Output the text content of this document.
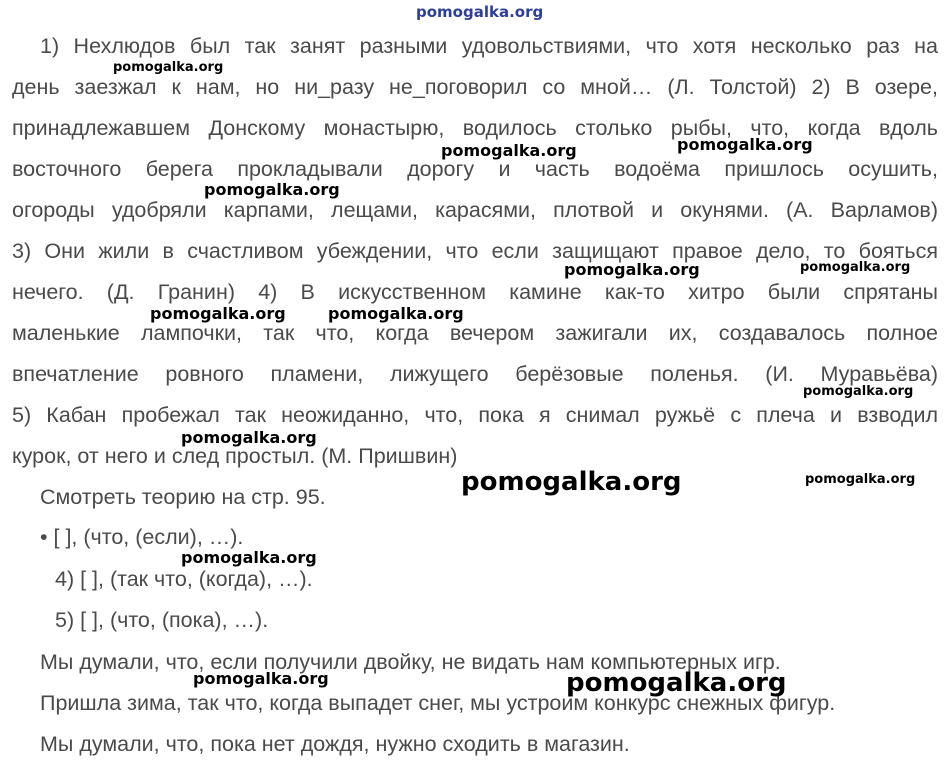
pomogalka.org
1) Нехлюдов был так занят разными удовольствиями, что хотя несколько раз на
день заезжал к нам, но ни_разу не_поговорил со мной… (Л. Толстой) 2) В озере,
принадлежавшем Донскому монастырю, водилось столько рыбы, что, когда вдоль
восточного берега прокладывали дорогу и часть водоёма пришлось осушить,
огороды удобряли карпами, лещами, карасями, плотвой и окунями. (А. Варламов)
3) Они жили в счастливом убеждении, что если защищают правое дело, то бояться
нечего. (Д. Гранин) 4) В искусственном камине как-то хитро были спрятаны
маленькие лампочки, так что, когда вечером зажигали их, создавалось полное
впечатление ровного пламени, лижущего берёзовые поленья. (И. Муравьёва)
5) Кабан пробежал так неожиданно, что, пока я снимал ружьё с плеча и взводил
курок, от него и след простыл. (М. Пришвин)
Смотреть теорию на стр. 95.
• [ ], (что, (если), …).
4) [ ], (так что, (когда), …).
5) [ ], (что, (пока), …).
Мы думали, что, если получили двойку, не видать нам компьютерных игр.
Пришла зима, так что, когда выпадет снег, мы устроим конкурс снежных фигур.
Мы думали, что, пока нет дождя, нужно сходить в магазин.
pomogalka.org
pomogalka.org
pomogalka.org
pomogalka.org
pomogalka.org	pomogalka.org
pomogalka.org	pomogalka.org
pomogalka.org
pomogalka.org
pomogalka.org	pomogalka.org
pomogalka.org
pomogalka.org	pomogalka.org
